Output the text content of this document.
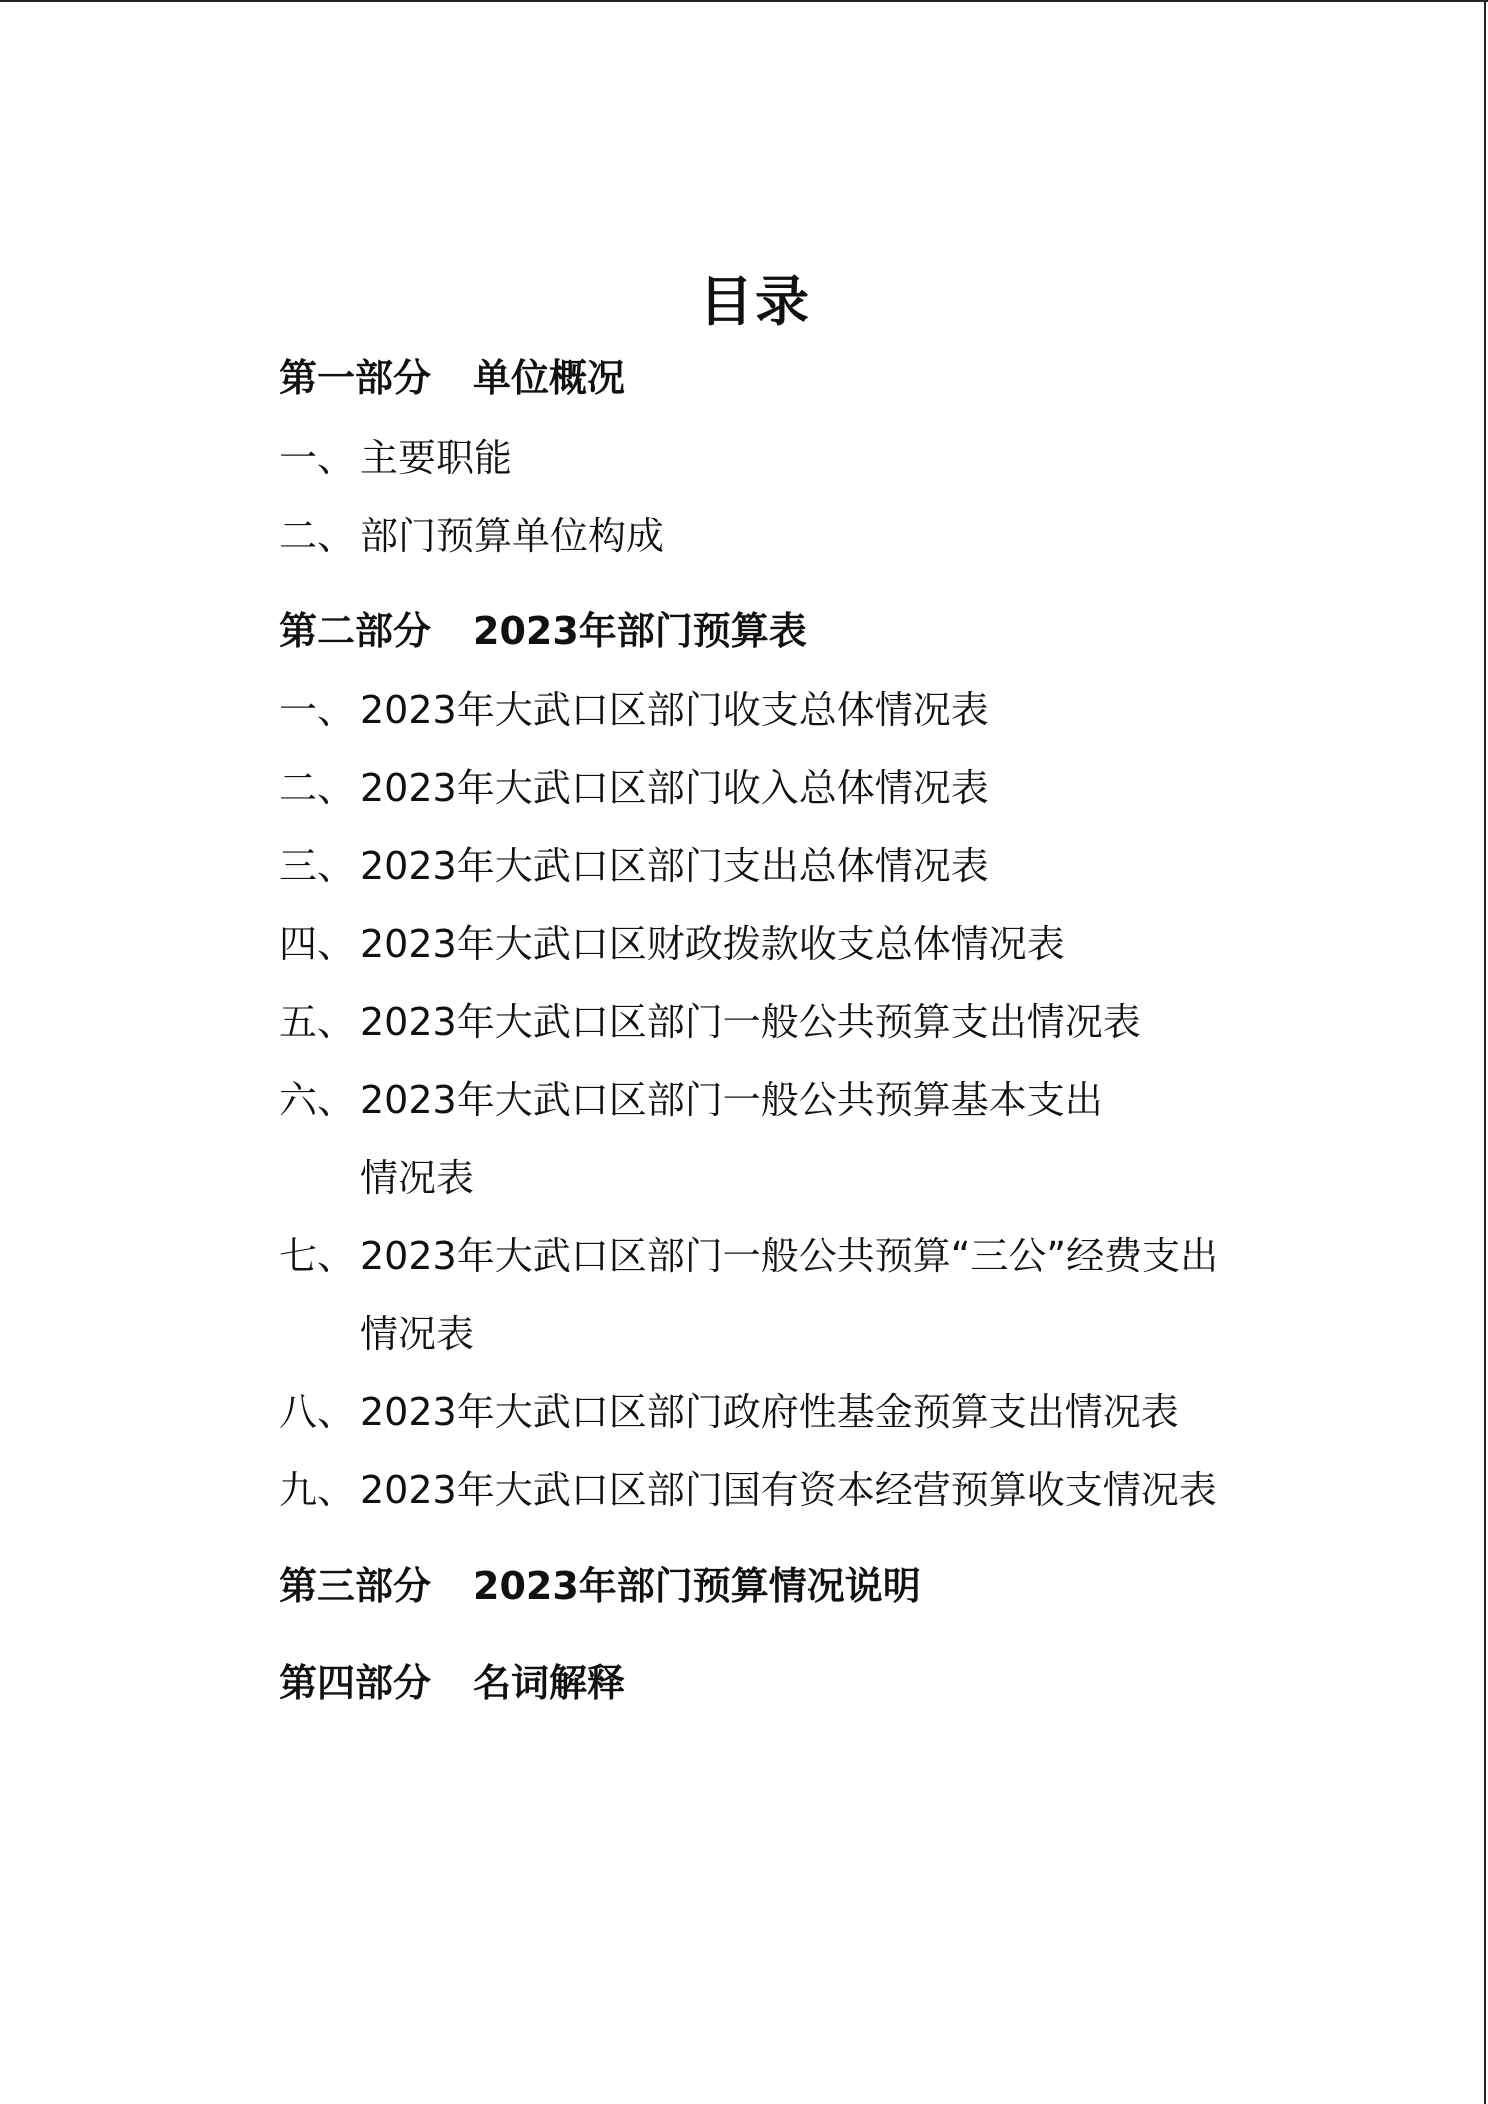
目录
第一部分 单位概况
一、 主要职能
二、 部门预算单位构成
第二部分 2023年部门预算表
一、 2023年大武口区部门收支总体情况表
二、 2023年大武口区部门收入总体情况表
三、 2023年大武口区部门支出总体情况表
四、 2023年大武口区财政拨款收支总体情况表
五、 2023年大武口区部门一般公共预算支出情况表
六、 2023年大武口区部门一般公共预算基本支出
情况表
七、 2023年大武口区部门一般公共预算“三公”经费支出
情况表
八、 2023年大武口区部门政府性基金预算支出情况表
九、 2023年大武口区部门国有资本经营预算收支情况表
第三部分 2023年部门预算情况说明
第四部分 名词解释
